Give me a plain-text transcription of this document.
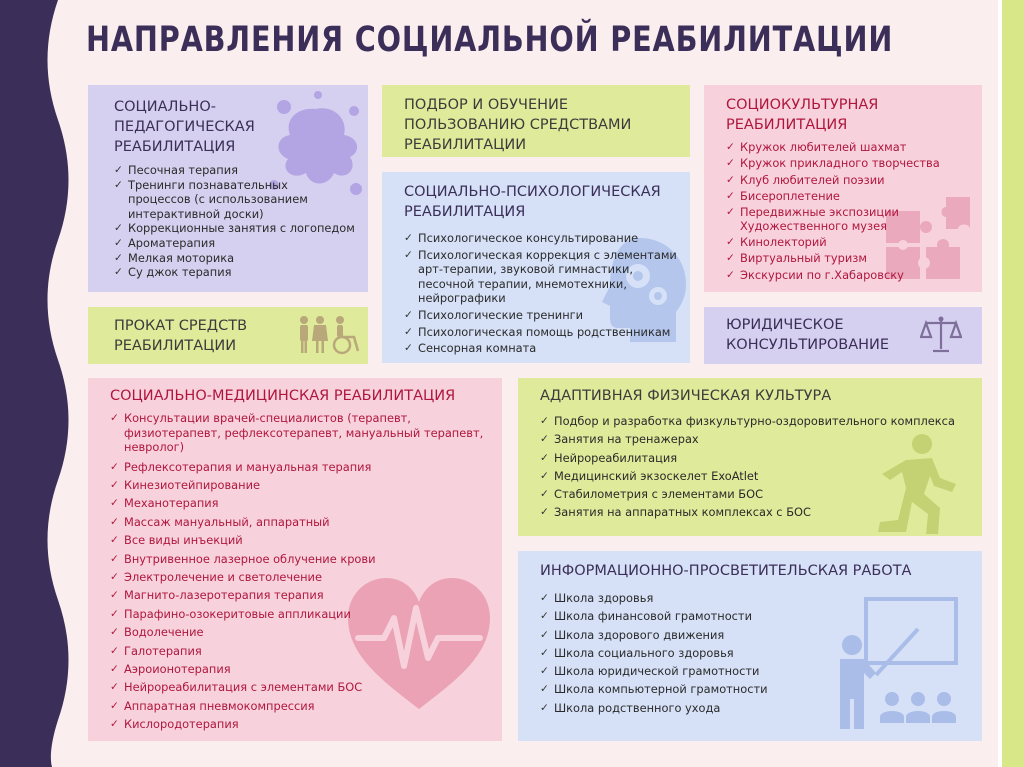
НАПРАВЛЕНИЯ СОЦИАЛЬНОЙ РЕАБИЛИТАЦИИ
СОЦИАЛЬНО-
ПЕДАГОГИЧЕСКАЯ
РЕАБИЛИТАЦИЯ
✓ Песочная терапия
✓ Тренинги познавательных процессов (с использованием интерактивной доски)
✓ Коррекционные занятия с логопедом
✓ Ароматерапия
✓ Мелкая моторика
✓ Су джок терапия
ПОДБОР И ОБУЧЕНИЕ
ПОЛЬЗОВАНИЮ СРЕДСТВАМИ
РЕАБИЛИТАЦИИ
СОЦИАЛЬНО-ПСИХОЛОГИЧЕСКАЯ
РЕАБИЛИТАЦИЯ
✓ Психологическое консультирование
✓ Психологическая коррекция с элементами арт-терапии, звуковой гимнастики, песочной терапии, мнемотехники, нейрографики
✓ Психологические тренинги
✓ Психологическая помощь родственникам
✓ Сенсорная комната
СОЦИОКУЛЬТУРНАЯ
РЕАБИЛИТАЦИЯ
✓ Кружок любителей шахмат
✓ Кружок прикладного творчества
✓ Клуб любителей поэзии
✓ Бисероплетение
✓ Передвижные экспозиции Художественного музея
✓ Кинолекторий
✓ Виртуальный туризм
✓ Экскурсии по г.Хабаровску
ПРОКАТ СРЕДСТВ
РЕАБИЛИТАЦИИ
ЮРИДИЧЕСКОЕ
КОНСУЛЬТИРОВАНИЕ
СОЦИАЛЬНО-МЕДИЦИНСКАЯ РЕАБИЛИТАЦИЯ
✓ Консультации врачей-специалистов (терапевт, физиотерапевт, рефлексотерапевт, мануальный терапевт, невролог)
✓ Рефлексотерапия и мануальная терапия
✓ Кинезиотейпирование
✓ Механотерапия
✓ Массаж мануальный, аппаратный
✓ Все виды инъекций
✓ Внутривенное лазерное облучение крови
✓ Электролечение и светолечение
✓ Магнито-лазеротерапия терапия
✓ Парафино-озокеритовые аппликации
✓ Водолечение
✓ Галотерапия
✓ Аэроионотерапия
✓ Нейрореабилитация с элементами БОС
✓ Аппаратная пневмокомпрессия
✓ Кислородотерапия
АДАПТИВНАЯ ФИЗИЧЕСКАЯ КУЛЬТУРА
✓ Подбор и разработка физкультурно-оздоровительного комплекса
✓ Занятия на тренажерах
✓ Нейрореабилитация
✓ Медицинский экзоскелет ExoAtlet
✓ Стабилометрия с элементами БОС
✓ Занятия на аппаратных комплексах с БОС
ИНФОРМАЦИОННО-ПРОСВЕТИТЕЛЬСКАЯ РАБОТА
✓ Школа здоровья
✓ Школа финансовой грамотности
✓ Школа здорового движения
✓ Школа социального здоровья
✓ Школа юридической грамотности
✓ Школа компьютерной грамотности
✓ Школа родственного ухода
